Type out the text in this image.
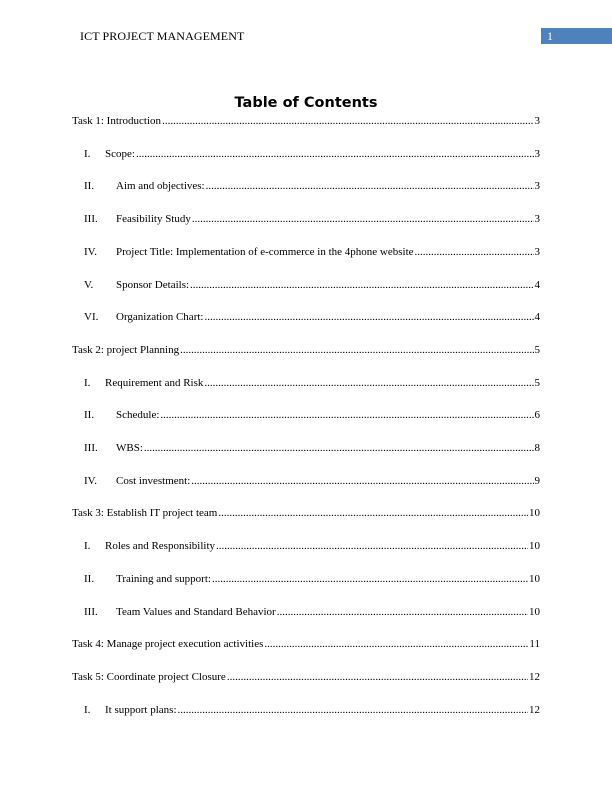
ICT PROJECT MANAGEMENT	1
Table of Contents
Task 1: Introduction .....	3
I.	Scope: .....	3
II.	Aim and objectives: .....	3
III.	Feasibility Study .....	3
IV.	Project Title: Implementation of e-commerce in the 4phone website .....	3
V.	Sponsor Details: .....	4
VI.	Organization Chart: .....	4
Task 2: project Planning .....	5
I.	Requirement and Risk .....	5
II.	Schedule: .....	6
III.	WBS: .....	8
IV.	Cost investment: .....	9
Task 3: Establish IT project team .....	10
I.	Roles and Responsibility .....	10
II.	Training and support: .....	10
III.	Team Values and Standard Behavior .....	10
Task 4: Manage project execution activities .....	11
Task 5: Coordinate project Closure .....	12
I.	It support plans: .....	12
